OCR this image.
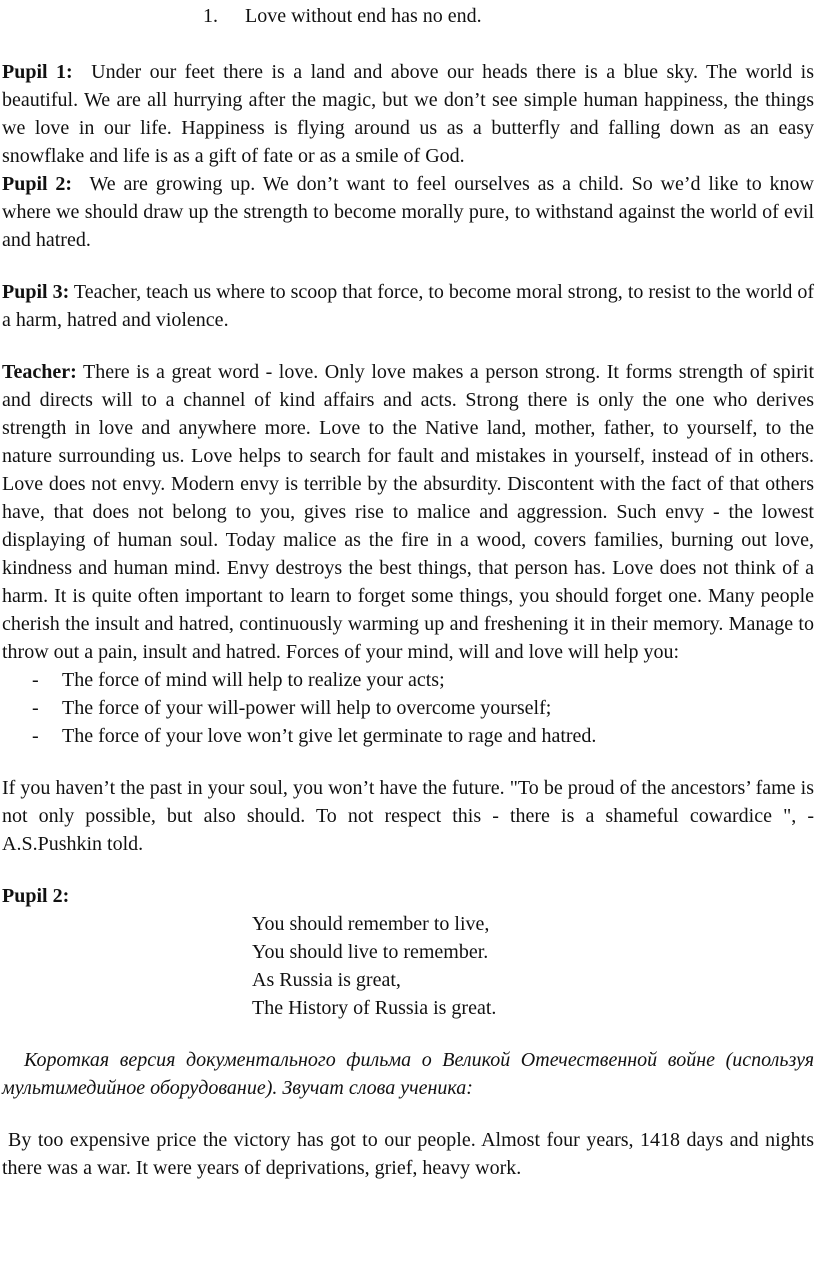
1. Love without end has no end.

Pupil 1: Under our feet there is a land and above our heads there is a blue sky. The world is beautiful. We are all hurrying after the magic, but we don’t see simple human happiness, the things we love in our life. Happiness is flying around us as a butterfly and falling down as an easy snowflake and life is as a gift of fate or as a smile of God.

Pupil 2: We are growing up. We don’t want to feel ourselves as a child. So we’d like to know where we should draw up the strength to become morally pure, to withstand against the world of evil and hatred.

Pupil 3: Teacher, teach us where to scoop that force, to become moral strong, to resist to the world of a harm, hatred and violence.

Teacher: There is a great word - love. Only love makes a person strong. It forms strength of spirit and directs will to a channel of kind affairs and acts. Strong there is only the one who derives strength in love and anywhere more. Love to the Native land, mother, father, to yourself, to the nature surrounding us. Love helps to search for fault and mistakes in yourself, instead of in others. Love does not envy. Modern envy is terrible by the absurdity. Discontent with the fact of that others have, that does not belong to you, gives rise to malice and aggression. Such envy - the lowest displaying of human soul. Today malice as the fire in a wood, covers families, burning out love, kindness and human mind. Envy destroys the best things, that person has. Love does not think of a harm. It is quite often important to learn to forget some things, you should forget one. Many people cherish the insult and hatred, continuously warming up and freshening it in their memory. Manage to throw out a pain, insult and hatred. Forces of your mind, will and love will help you:

- The force of mind will help to realize your acts;
- The force of your will-power will help to overcome yourself;
- The force of your love won’t give let germinate to rage and hatred.

If you haven’t the past in your soul, you won’t have the future. "To be proud of the ancestors’ fame is not only possible, but also should. To not respect this - there is a shameful cowardice ", - A.S.Pushkin told.

Pupil 2:

You should remember to live,

You should live to remember.

As Russia is great,

The History of Russia is great.

Короткая версия документального фильма о Великой Отечественной войне (используя мультимедийное оборудование). Звучат слова ученика:

By too expensive price the victory has got to our people. Almost four years, 1418 days and nights there was a war. It were years of deprivations, grief, heavy work.
